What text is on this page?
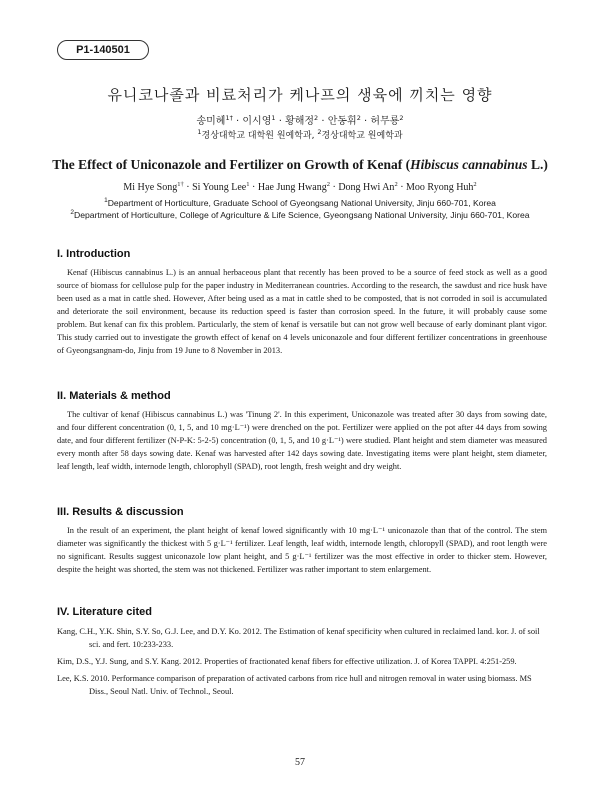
P1-140501
유니코나졸과 비료처리가 케나프의 생육에 끼치는 영향
송미혜$^{1\dagger}$ · 이시영$^1$ · 황해정$^2$ · 안동휘$^2$ · 허무룡$^2$
$^1$경상대학교 대학원 원예학과, $^2$경상대학교 원예학과
The Effect of Uniconazole and Fertilizer on Growth of Kenaf (Hibiscus cannabinus L.)
Mi Hye Song$^{1\dagger}$ · Si Young Lee$^1$ · Hae Jung Hwang$^2$ · Dong Hwi $An^2$ · Moo Ryong Huh$^2$
$^1$Department of Horticulture, Graduate School of Gyeongsang National University, Jinju 660-701, Korea
$^2$Department of Horticulture, College of Agriculture & Life Science, Gyeongsang National University, Jinju 660-701, Korea
I. Introduction

Kenaf (Hibiscus cannabinus L.) is an annual herbaceous plant that recently has been proved to be a source of feed stock as well as a good source of biomass for cellulose pulp for the paper industry in Mediterranean countries. According to the research, the sawdust and rice husk have been used as a mat in cattle shed. However, After being used as a mat in cattle shed to be composted, that is not corroded in soil is accumulated and deteriorate the soil environment, because its reduction speed is faster than corrosion speed. In the future, it will probably cause some problem. But kenaf can fix this problem. Particularly, the stem of kenaf is versatile but can not grow well because of early dominant plant vigor. This study carried out to investigate the growth effect of kenaf on 4 levels uniconazole and four different fertilizer concentrations in greenhouse of Gyeongsangnam-do, Jinju from 19 June to 8 November in 2013.

II. Materials & method

The cultivar of kenaf (Hibiscus cannabinus L.) was 'Tinung 2'. In this experiment, Uniconazole was treated after 30 days from sowing date, and four different concentration (0, 1, 5, and 10 mg·L⁻¹) were drenched on the pot. Fertilizer were applied on the pot after 44 days from sowing date, and four different fertilizer (N-P-K: 5-2-5) concentration (0, 1, 5, and 10 g·L⁻¹) were studied. Plant height and stem diameter was measured every month after 58 days sowing date. Kenaf was harvested after 142 days sowing date. Investigating items were plant height, stem diameter, leaf length, leaf width, internode length, chlorophyll (SPAD), root length, fresh weight and dry weight.

III. Results & discussion

In the result of an experiment, the plant height of kenaf lowed significantly with 10 mg·L⁻¹ uniconazole than that of the control. The stem diameter was significantly the thickest with 5 g·L⁻¹ fertilizer. Leaf length, leaf width, internode length, chloropyll (SPAD), and root length were no significant. Results suggest uniconazole low plant height, and 5 g·L⁻¹ fertilizer was the most effective in order to thicker stem. However, despite the height was shorted, the stem was not thickened. Fertilizer was rather important to stem enlargement.

IV. Literature cited
Kang, C.H., Y.K. Shin, S.Y. So, G.J. Lee, and D.Y. Ko. 2012. The Estimation of kenaf specificity when cultured in reclaimed land. kor. J. of soil sci. and fert. 10:233-233.
Kim, D.S., Y.J. Sung, and S.Y. Kang. 2012. Properties of fractionated kenaf fibers for effective utilization. J. of Korea TAPPI. 4:251-259.
Lee, K.S. 2010. Performance comparison of preparation of activated carbons from rice hull and nitrogen removal in water using biomass. MS Diss., Seoul Natl. Univ. of Technol., Seoul.
57
